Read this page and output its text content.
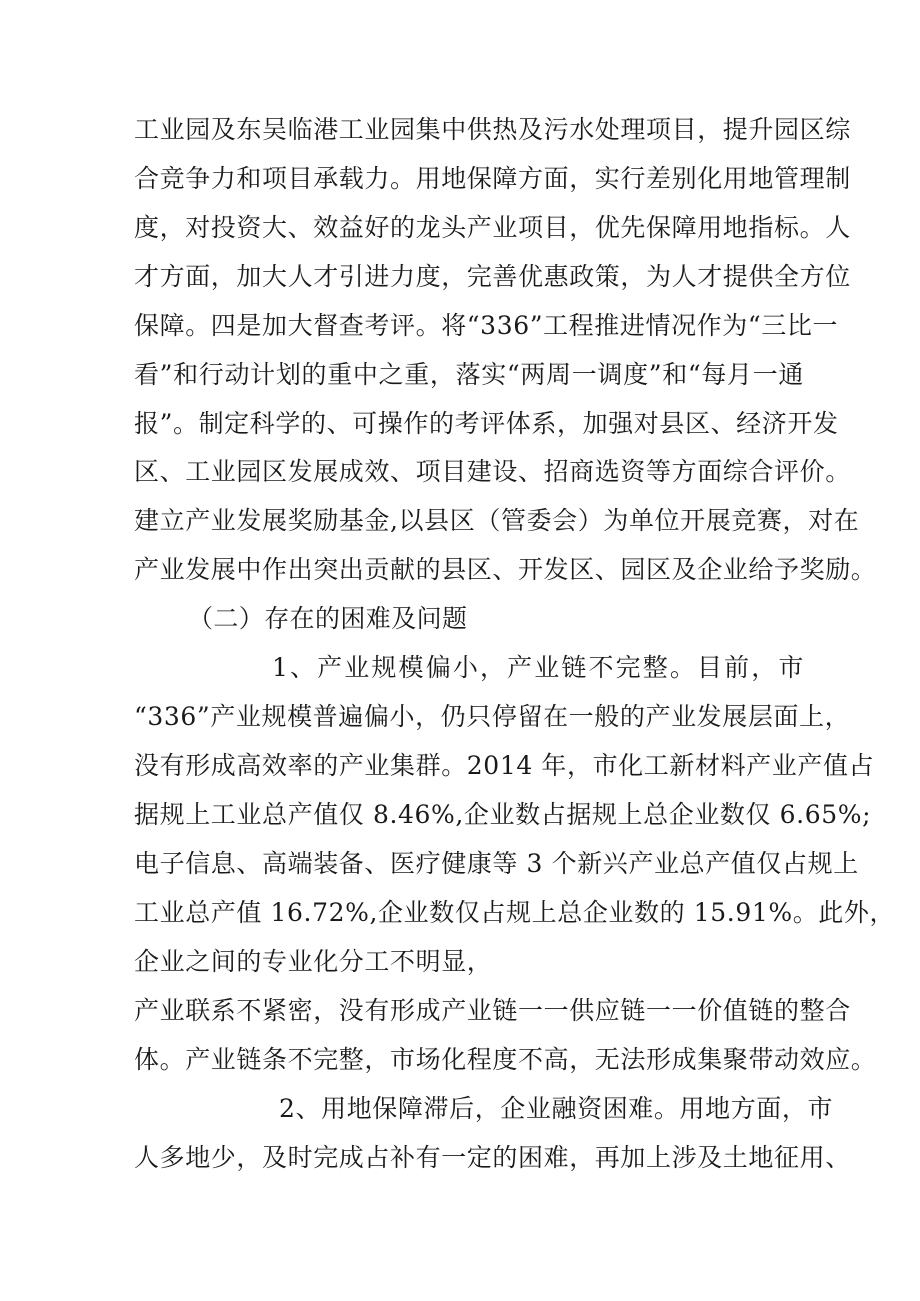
工业园及东吴临港工业园集中供热及污水处理项目，提升园区综
合竞争力和项目承载力。用地保障方面，实行差别化用地管理制
度，对投资大、效益好的龙头产业项目，优先保障用地指标。人
才方面，加大人才引进力度，完善优惠政策，为人才提供全方位
保障。四是加大督查考评。将“336”工程推进情况作为“三比一
看”和行动计划的重中之重，落实“两周一调度”和“每月一通
报”。制定科学的、可操作的考评体系，加强对县区、经济开发
区、工业园区发展成效、项目建设、招商选资等方面综合评价。
建立产业发展奖励基金,以县区（管委会）为单位开展竞赛，对在
产业发展中作出突出贡献的县区、开发区、园区及企业给予奖励。
（二）存在的困难及问题
1、产业规模偏小，产业链不完整。目前，市
“336”产业规模普遍偏小，仍只停留在一般的产业发展层面上，
没有形成高效率的产业集群。2014 年，市化工新材料产业产值占
据规上工业总产值仅 8.46%,企业数占据规上总企业数仅 6.65%;
电子信息、高端装备、医疗健康等 3 个新兴产业总产值仅占规上
工业总产值 16.72%,企业数仅占规上总企业数的 15.91%。此外，
企业之间的专业化分工不明显，
产业联系不紧密，没有形成产业链一一供应链一一价值链的整合
体。产业链条不完整，市场化程度不高，无法形成集聚带动效应。
2、用地保障滞后，企业融资困难。用地方面，市
人多地少，及时完成占补有一定的困难，再加上涉及土地征用、
